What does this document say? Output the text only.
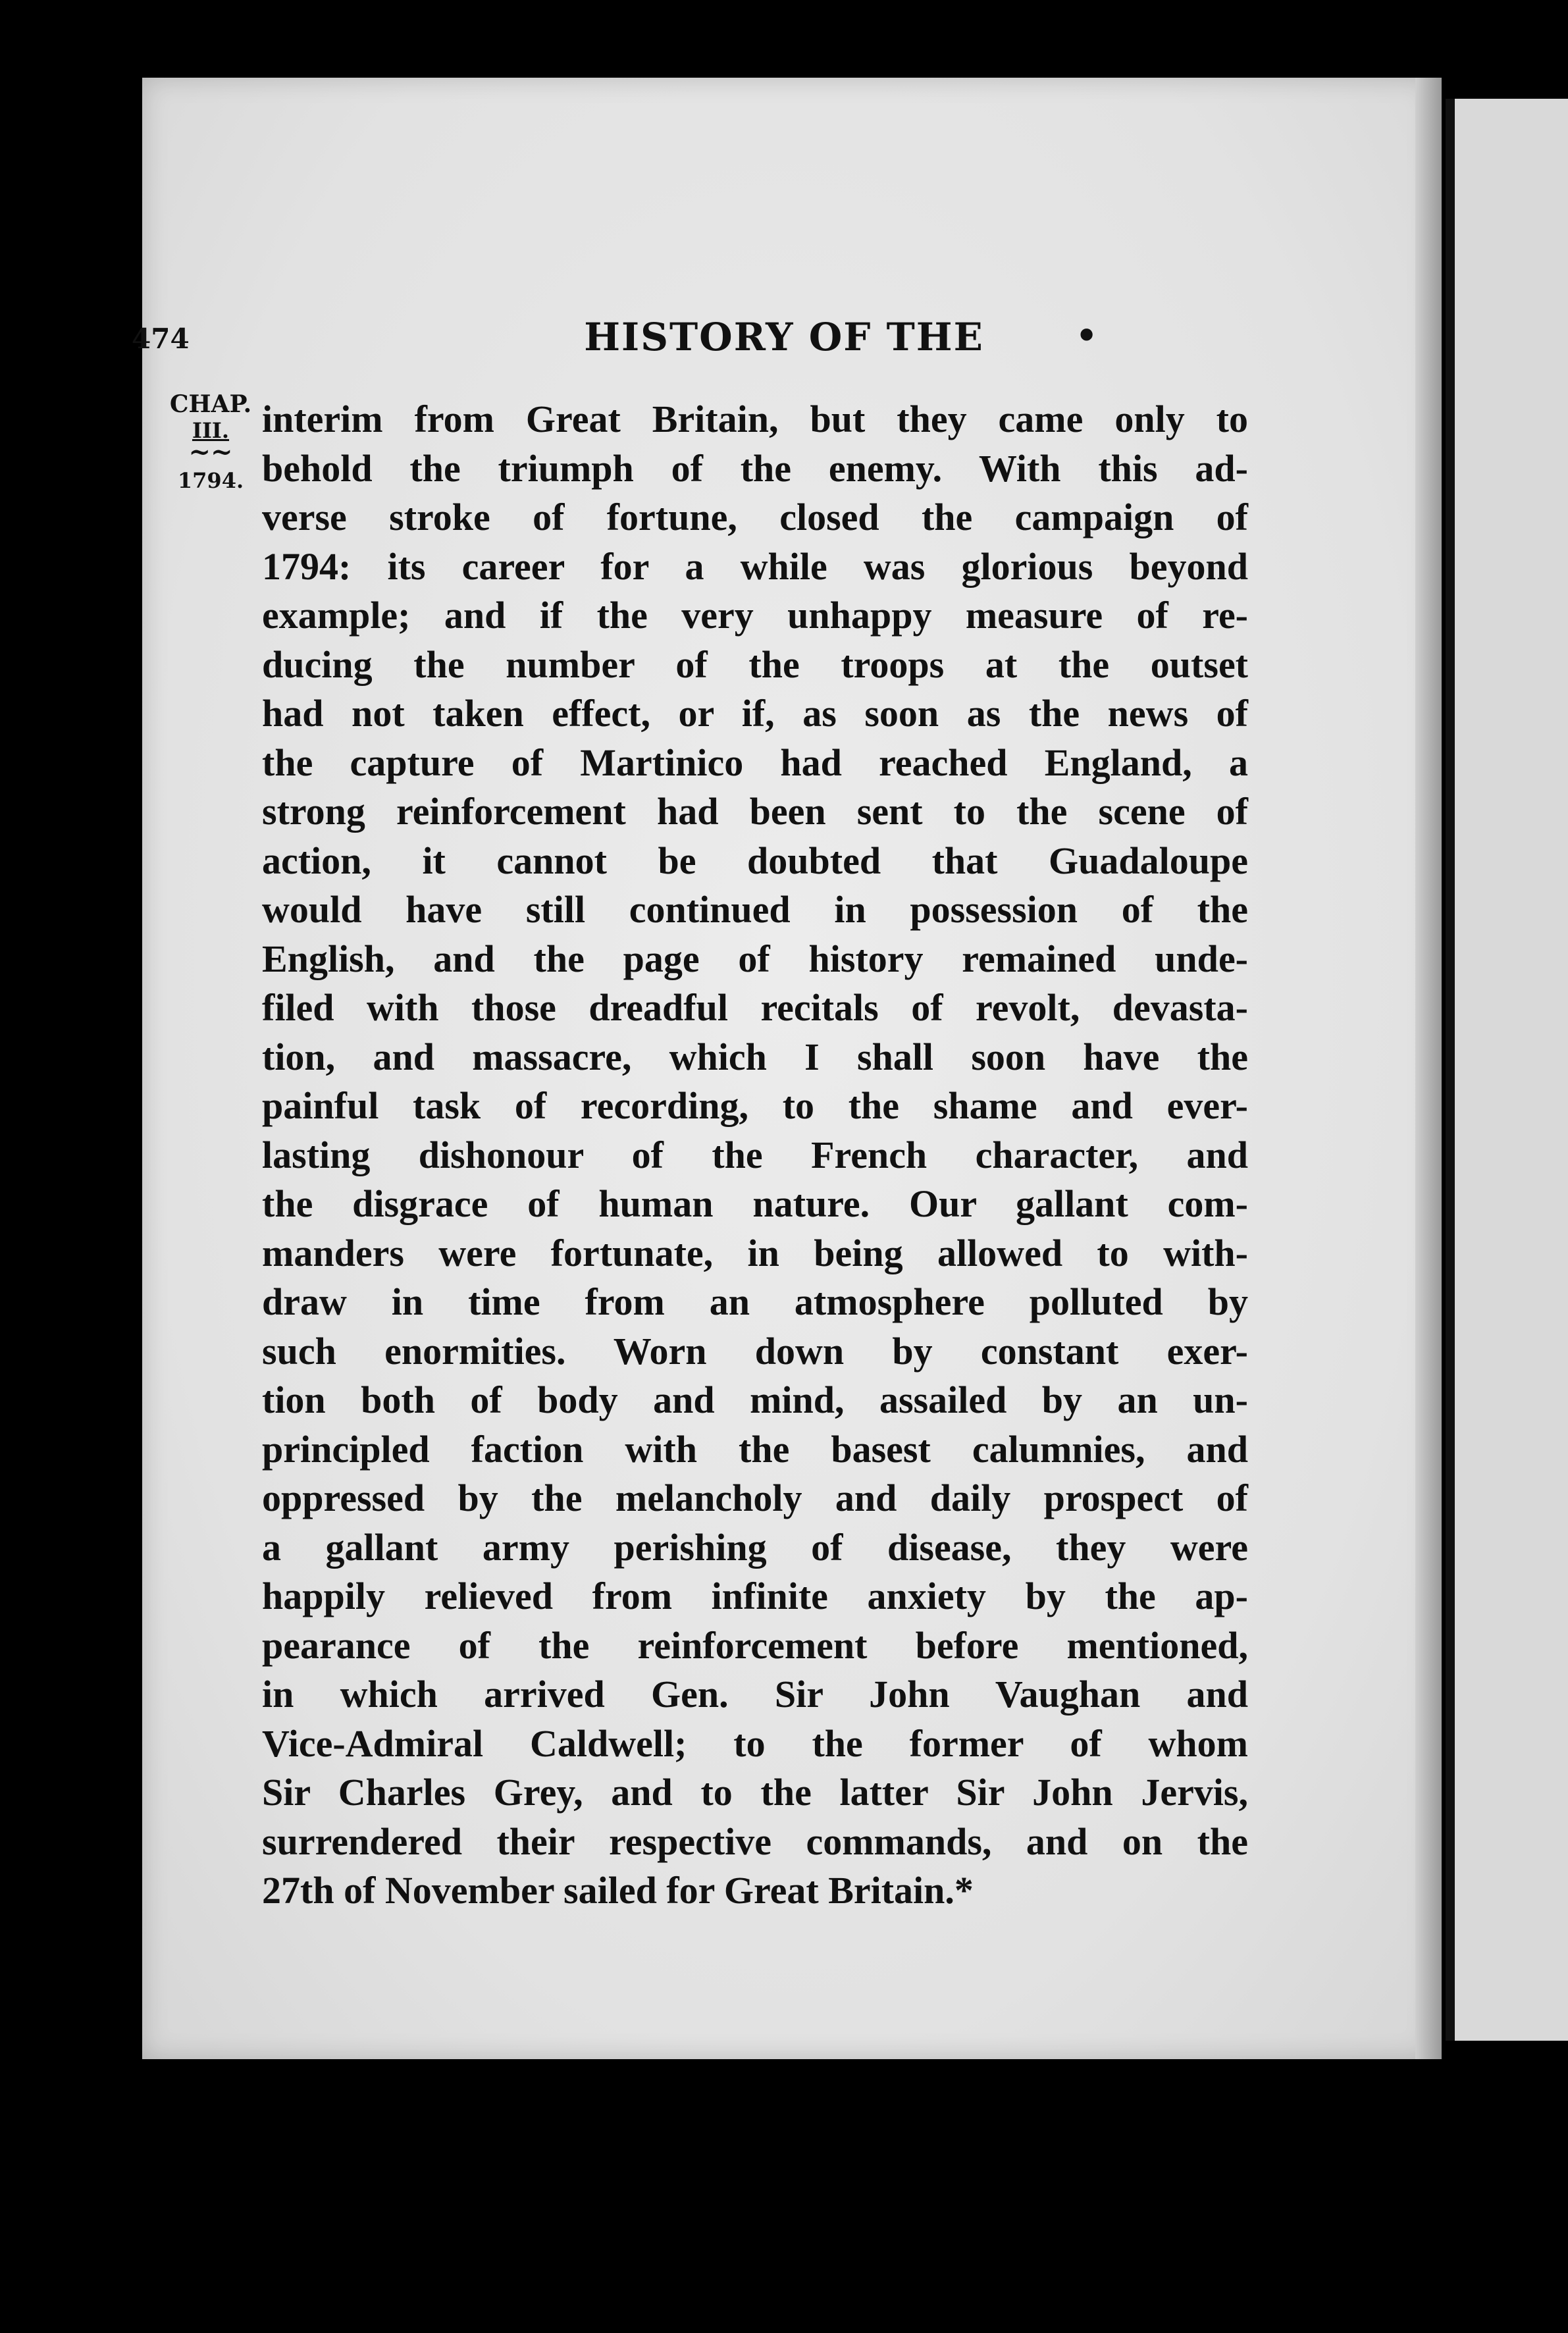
474	HISTORY OF THE	•
CHAP.
III.
~~
1794.
interim from Great Britain, but they came only to
behold the triumph of the enemy. With this ad-
verse stroke of fortune, closed the campaign of
1794: its career for a while was glorious beyond
example; and if the very unhappy measure of re-
ducing the number of the troops at the outset
had not taken effect, or if, as soon as the news of
the capture of Martinico had reached England, a
strong reinforcement had been sent to the scene of
action, it cannot be doubted that Guadaloupe
would have still continued in possession of the
English, and the page of history remained unde-
filed with those dreadful recitals of revolt, devasta-
tion, and massacre, which I shall soon have the
painful task of recording, to the shame and ever-
lasting dishonour of the French character, and
the disgrace of human nature. Our gallant com-
manders were fortunate, in being allowed to with-
draw in time from an atmosphere polluted by
such enormities. Worn down by constant exer-
tion both of body and mind, assailed by an un-
principled faction with the basest calumnies, and
oppressed by the melancholy and daily prospect of
a gallant army perishing of disease, they were
happily relieved from infinite anxiety by the ap-
pearance of the reinforcement before mentioned,
in which arrived Gen. Sir John Vaughan and
Vice-Admiral Caldwell; to the former of whom
Sir Charles Grey, and to the latter Sir John Jervis,
surrendered their respective commands, and on the
27th of November sailed for Great Britain.*
